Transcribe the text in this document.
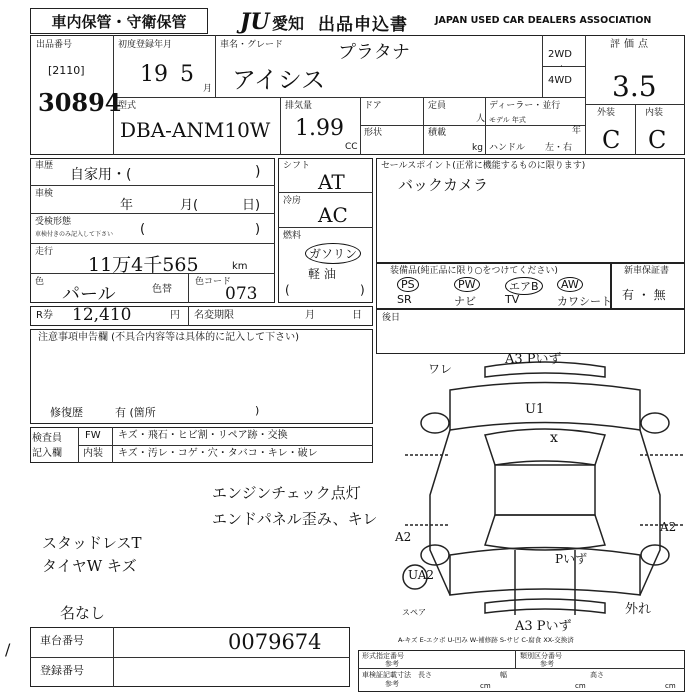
車内保管・守衛保管 JU 愛知 出品申込書	JAPAN USED CAR DEALERS ASSOCIATION
出品番号
[2110]
30894
初度登録年月
19 5
月
車名・グレード	プラタナ
アイシス
2WD
·
4WD
評価点
3.5
外装	内装
C C
型式
DBA-ANM10W
排気量
1.99
CC
ドア	定員
人
ディーラー・並行
モデル 年式
年
形状	積載
kg ハンドル 左・右
車歴
自家用・(	)
車検
年	月(	日)
受検形態
車検付きのみ記入して下さい (	)
走行
11万4千565	km
色
パール	色替
色コード
073
シフト
AT
冷房
AC
燃料
ガソリン
軽 油
(	)
セールスポイント(正常に機能するものに限ります)
バックカメラ
装備品(純正品に限り○をつけてください)
PS	PW	エアB	AW
SR	ナビ	TV	カワシート
新車保証書
有 ・ 無
R券 12,410	円 名変期限	月	日 後日
注意事項申告欄 (不具合内容等は具体的に記入して下さい)
修復歴	有 (箇所	)
検査員 記入欄
FW キズ・飛石・ヒビ割・リペア跡・交換
内装 キズ・汚レ・コゲ・穴・タバコ・キレ・破レ
エンジンチェック点灯
エンドパネル歪み、キレ
スタッドレスT
タイヤW キズ
名なし
ワレ
A3 Pいず
U1
x
A2
A2
Pいず
UA2
スペア
A3 Pいず
外れ
A-キズ E-エクボ U-凹み W-補修跡 S-サビ C-腐食 XX-交換済
車台番号	0079674
登録番号
/	形式指定番号
参考
類別区分番号
参考
車検証記載寸法
参考
長さ
cm
幅
cm
高さ
cm
